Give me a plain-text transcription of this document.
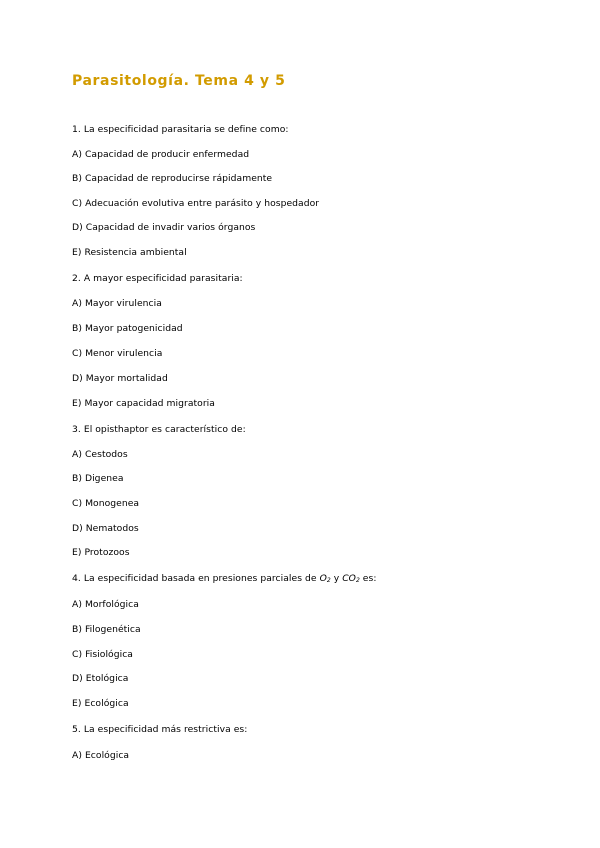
Parasitología. Tema 4 y 5
1. La especificidad parasitaria se define como:
A) Capacidad de producir enfermedad
B) Capacidad de reproducirse rápidamente
C) Adecuación evolutiva entre parásito y hospedador
D) Capacidad de invadir varios órganos
E) Resistencia ambiental
2. A mayor especificidad parasitaria:
A) Mayor virulencia
B) Mayor patogenicidad
C) Menor virulencia
D) Mayor mortalidad
E) Mayor capacidad migratoria
3. El opisthaptor es característico de:
A) Cestodos
B) Digenea
C) Monogenea
D) Nematodos
E) Protozoos
4. La especificidad basada en presiones parciales de $O_2$ y $CO_2$ es:
A) Morfológica
B) Filogenética
C) Fisiológica
D) Etológica
E) Ecológica
5. La especificidad más restrictiva es:
A) Ecológica
